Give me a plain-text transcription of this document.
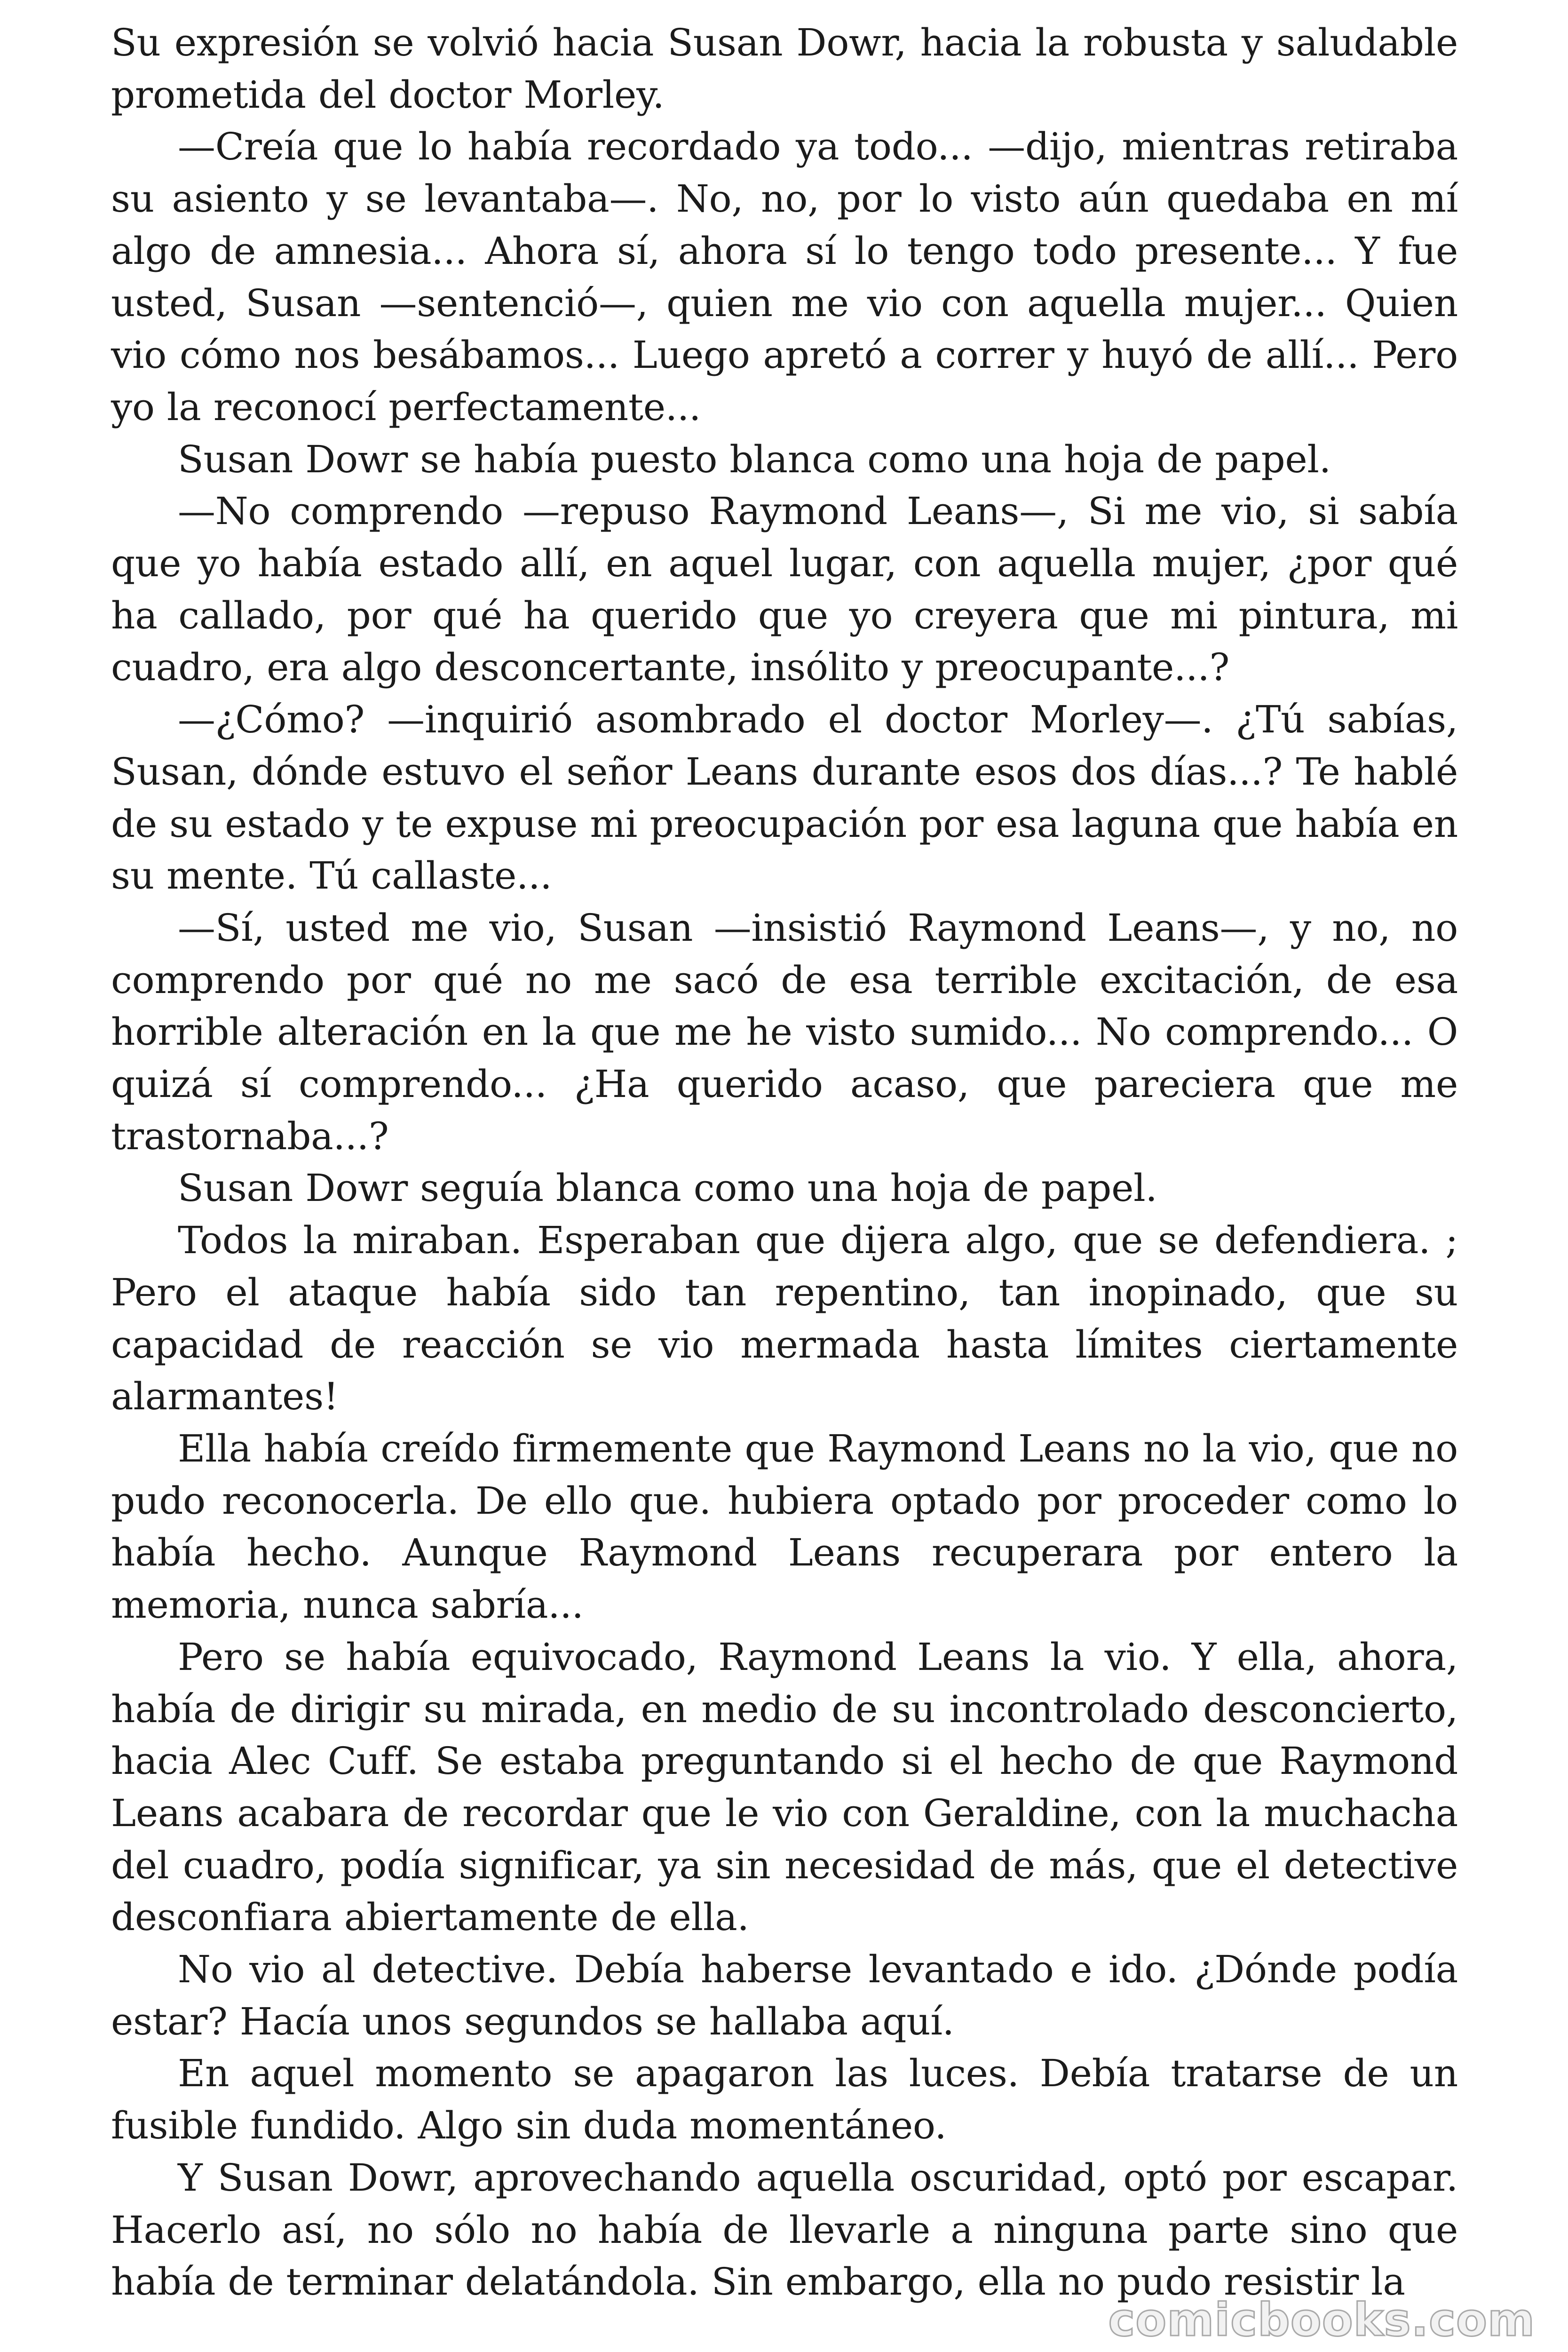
Su expresión se volvió hacia Susan Dowr, hacia la robusta y saludable prometida del doctor Morley.

—Creía que lo había recordado ya todo... —dijo, mientras retiraba su asiento y se levantaba—. No, no, por lo visto aún quedaba en mí algo de amnesia... Ahora sí, ahora sí lo tengo todo presente... Y fue usted, Susan —sentenció—, quien me vio con aquella mujer... Quien vio cómo nos besábamos... Luego apretó a correr y huyó de allí... Pero yo la reconocí perfectamente...

Susan Dowr se había puesto blanca como una hoja de papel.

—No comprendo —repuso Raymond Leans—, Si me vio, si sabía que yo había estado allí, en aquel lugar, con aquella mujer, ¿por qué ha callado, por qué ha querido que yo creyera que mi pintura, mi cuadro, era algo desconcertante, insólito y preocupante...?

—¿Cómo? —inquirió asombrado el doctor Morley—. ¿Tú sabías, Susan, dónde estuvo el señor Leans durante esos dos días...? Te hablé de su estado y te expuse mi preocupación por esa laguna que había en su mente. Tú callaste...

—Sí, usted me vio, Susan —insistió Raymond Leans—, y no, no comprendo por qué no me sacó de esa terrible excitación, de esa horrible alteración en la que me he visto sumido... No comprendo... O quizá sí comprendo... ¿Ha querido acaso, que pareciera que me trastornaba...?

Susan Dowr seguía blanca como una hoja de papel.

Todos la miraban. Esperaban que dijera algo, que se defendiera. ; Pero el ataque había sido tan repentino, tan inopinado, que su capacidad de reacción se vio mermada hasta límites ciertamente alarmantes!

Ella había creído firmemente que Raymond Leans no la vio, que no pudo reconocerla. De ello que. hubiera optado por proceder como lo había hecho. Aunque Raymond Leans recuperara por entero la memoria, nunca sabría...

Pero se había equivocado, Raymond Leans la vio. Y ella, ahora, había de dirigir su mirada, en medio de su incontrolado desconcierto, hacia Alec Cuff. Se estaba preguntando si el hecho de que Raymond Leans acabara de recordar que le vio con Geraldine, con la muchacha del cuadro, podía significar, ya sin necesidad de más, que el detective desconfiara abiertamente de ella.

No vio al detective. Debía haberse levantado e ido. ¿Dónde podía estar? Hacía unos segundos se hallaba aquí.

En aquel momento se apagaron las luces. Debía tratarse de un fusible fundido. Algo sin duda momentáneo.

Y Susan Dowr, aprovechando aquella oscuridad, optó por escapar. Hacerlo así, no sólo no había de llevarle a ninguna parte sino que había de terminar delatándola. Sin embargo, ella no pudo resistir la

comicbooks.com
